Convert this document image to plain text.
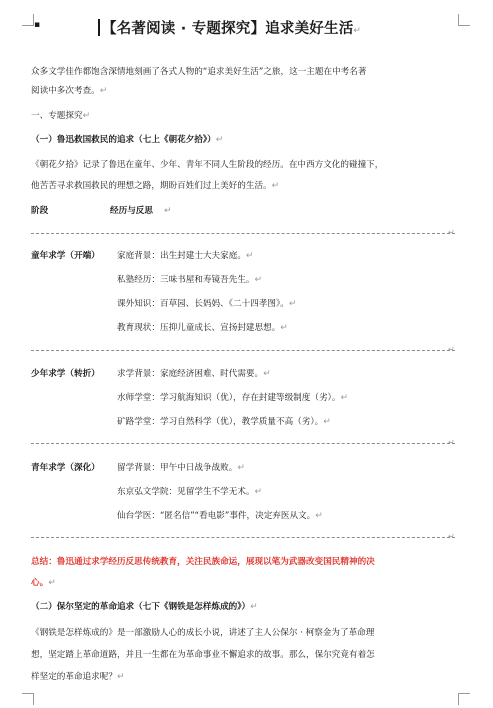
▪	【名著阅读 · 专题探究】追求美好生活↵
众多文学佳作都饱含深情地刻画了各式人物的“追求美好生活”之旅，这一主题在中考名著
阅读中多次考查。↵
一、专题探究↵
（一）鲁迅救国救民的追求（七上《朝花夕拾》）↵
《朝花夕拾》记录了鲁迅在童年、少年、青年不同人生阶段的经历。在中西方文化的碰撞下，
他苦苦寻求救国救民的理想之路，期盼百姓们过上美好的生活。↵
阶段	经历与反思 ↵
↵
童年求学（开端）	家庭背景：出生封建士大夫家庭。↵
私塾经历：三味书屋和寿镜吾先生。↵
课外知识：百草园、长妈妈、《二十四孝图》。↵
教育现状：压抑儿童成长、宣扬封建思想。↵
↵
少年求学（转折）	求学背景：家庭经济困难、时代需要。↵
水师学堂：学习航海知识（优），存在封建等级制度（劣）。↵
矿路学堂：学习自然科学（优），教学质量不高（劣）。↵
↵
青年求学（深化）	留学背景：甲午中日战争战败。↵
东京弘文学院：见留学生不学无术。↵
仙台学医：“匿名信”“看电影”事件，决定弃医从文。↵
↵
总结：鲁迅通过求学经历反思传统教育，关注民族命运，展现以笔为武器改变国民精神的决
心。↵
（二）保尔坚定的革命追求（七下《钢铁是怎样炼成的》）↵
《钢铁是怎样炼成的》是一部激励人心的成长小说，讲述了主人公保尔 · 柯察金为了革命理
想，坚定踏上革命道路，并且一生都在为革命事业不懈追求的故事。那么，保尔究竟有着怎
样坚定的革命追求呢？↵
